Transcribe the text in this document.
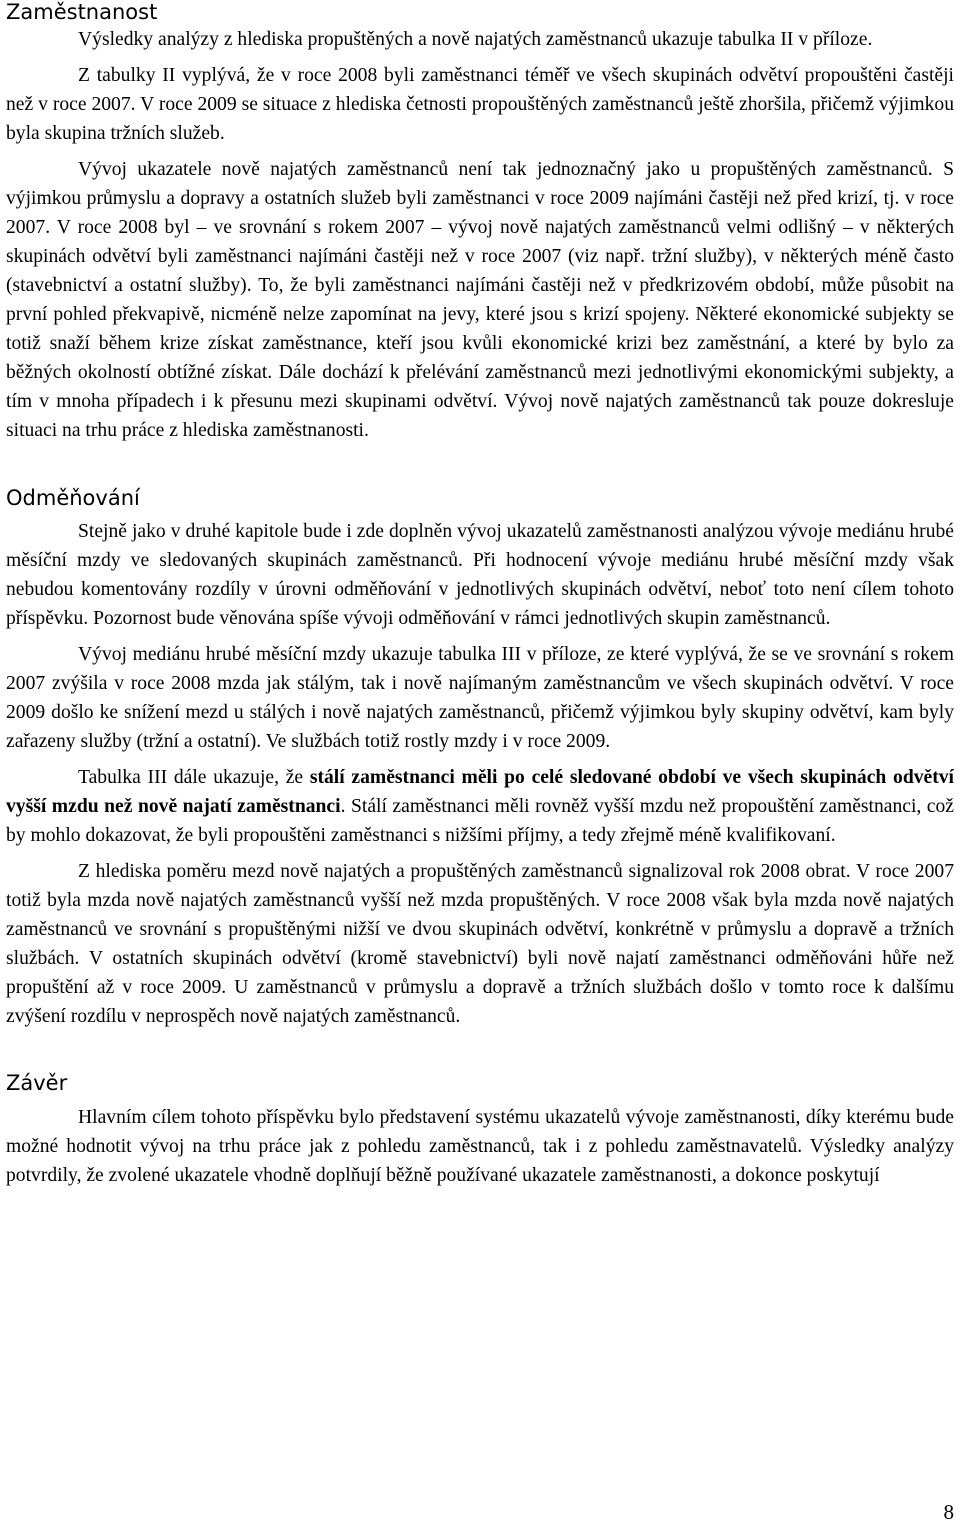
Zaměstnanost

Výsledky analýzy z hlediska propuštěných a nově najatých zaměstnanců ukazuje tabulka II v příloze.

Z tabulky II vyplývá, že v roce 2008 byli zaměstnanci téměř ve všech skupinách odvětví propouštěni častěji než v roce 2007. V roce 2009 se situace z hlediska četnosti propouštěných zaměstnanců ještě zhoršila, přičemž výjimkou byla skupina tržních služeb.

Vývoj ukazatele nově najatých zaměstnanců není tak jednoznačný jako u propuštěných zaměstnanců. S výjimkou průmyslu a dopravy a ostatních služeb byli zaměstnanci v roce 2009 najímáni častěji než před krizí, tj. v roce 2007. V roce 2008 byl – ve srovnání s rokem 2007 – vývoj nově najatých zaměstnanců velmi odlišný – v některých skupinách odvětví byli zaměstnanci najímáni častěji než v roce 2007 (viz např. tržní služby), v některých méně často (stavebnictví a ostatní služby). To, že byli zaměstnanci najímáni častěji než v předkrizovém období, může působit na první pohled překvapivě, nicméně nelze zapomínat na jevy, které jsou s krizí spojeny. Některé ekonomické subjekty se totiž snaží během krize získat zaměstnance, kteří jsou kvůli ekonomické krizi bez zaměstnání, a které by bylo za běžných okolností obtížné získat. Dále dochází k přelévání zaměstnanců mezi jednotlivými ekonomickými subjekty, a tím v mnoha případech i k přesunu mezi skupinami odvětví. Vývoj nově najatých zaměstnanců tak pouze dokresluje situaci na trhu práce z hlediska zaměstnanosti.

Odměňování

Stejně jako v druhé kapitole bude i zde doplněn vývoj ukazatelů zaměstnanosti analýzou vývoje mediánu hrubé měsíční mzdy ve sledovaných skupinách zaměstnanců. Při hodnocení vývoje mediánu hrubé měsíční mzdy však nebudou komentovány rozdíly v úrovni odměňování v jednotlivých skupinách odvětví, neboť toto není cílem tohoto příspěvku. Pozornost bude věnována spíše vývoji odměňování v rámci jednotlivých skupin zaměstnanců.

Vývoj mediánu hrubé měsíční mzdy ukazuje tabulka III v příloze, ze které vyplývá, že se ve srovnání s rokem 2007 zvýšila v roce 2008 mzda jak stálým, tak i nově najímaným zaměstnancům ve všech skupinách odvětví. V roce 2009 došlo ke snížení mezd u stálých i nově najatých zaměstnanců, přičemž výjimkou byly skupiny odvětví, kam byly zařazeny služby (tržní a ostatní). Ve službách totiž rostly mzdy i v roce 2009.

Tabulka III dále ukazuje, že stálí zaměstnanci měli po celé sledované období ve všech skupinách odvětví vyšší mzdu než nově najatí zaměstnanci. Stálí zaměstnanci měli rovněž vyšší mzdu než propouštění zaměstnanci, což by mohlo dokazovat, že byli propouštěni zaměstnanci s nižšími příjmy, a tedy zřejmě méně kvalifikovaní.

Z hlediska poměru mezd nově najatých a propuštěných zaměstnanců signalizoval rok 2008 obrat. V roce 2007 totiž byla mzda nově najatých zaměstnanců vyšší než mzda propuštěných. V roce 2008 však byla mzda nově najatých zaměstnanců ve srovnání s propuštěnými nižší ve dvou skupinách odvětví, konkrétně v průmyslu a dopravě a tržních službách. V ostatních skupinách odvětví (kromě stavebnictví) byli nově najatí zaměstnanci odměňováni hůře než propuštění až v roce 2009. U zaměstnanců v průmyslu a dopravě a tržních službách došlo v tomto roce k dalšímu zvýšení rozdílu v neprospěch nově najatých zaměstnanců.

Závěr

Hlavním cílem tohoto příspěvku bylo představení systému ukazatelů vývoje zaměstnanosti, díky kterému bude možné hodnotit vývoj na trhu práce jak z pohledu zaměstnanců, tak i z pohledu zaměstnavatelů. Výsledky analýzy potvrdily, že zvolené ukazatele vhodně doplňují běžně používané ukazatele zaměstnanosti, a dokonce poskytují

8
